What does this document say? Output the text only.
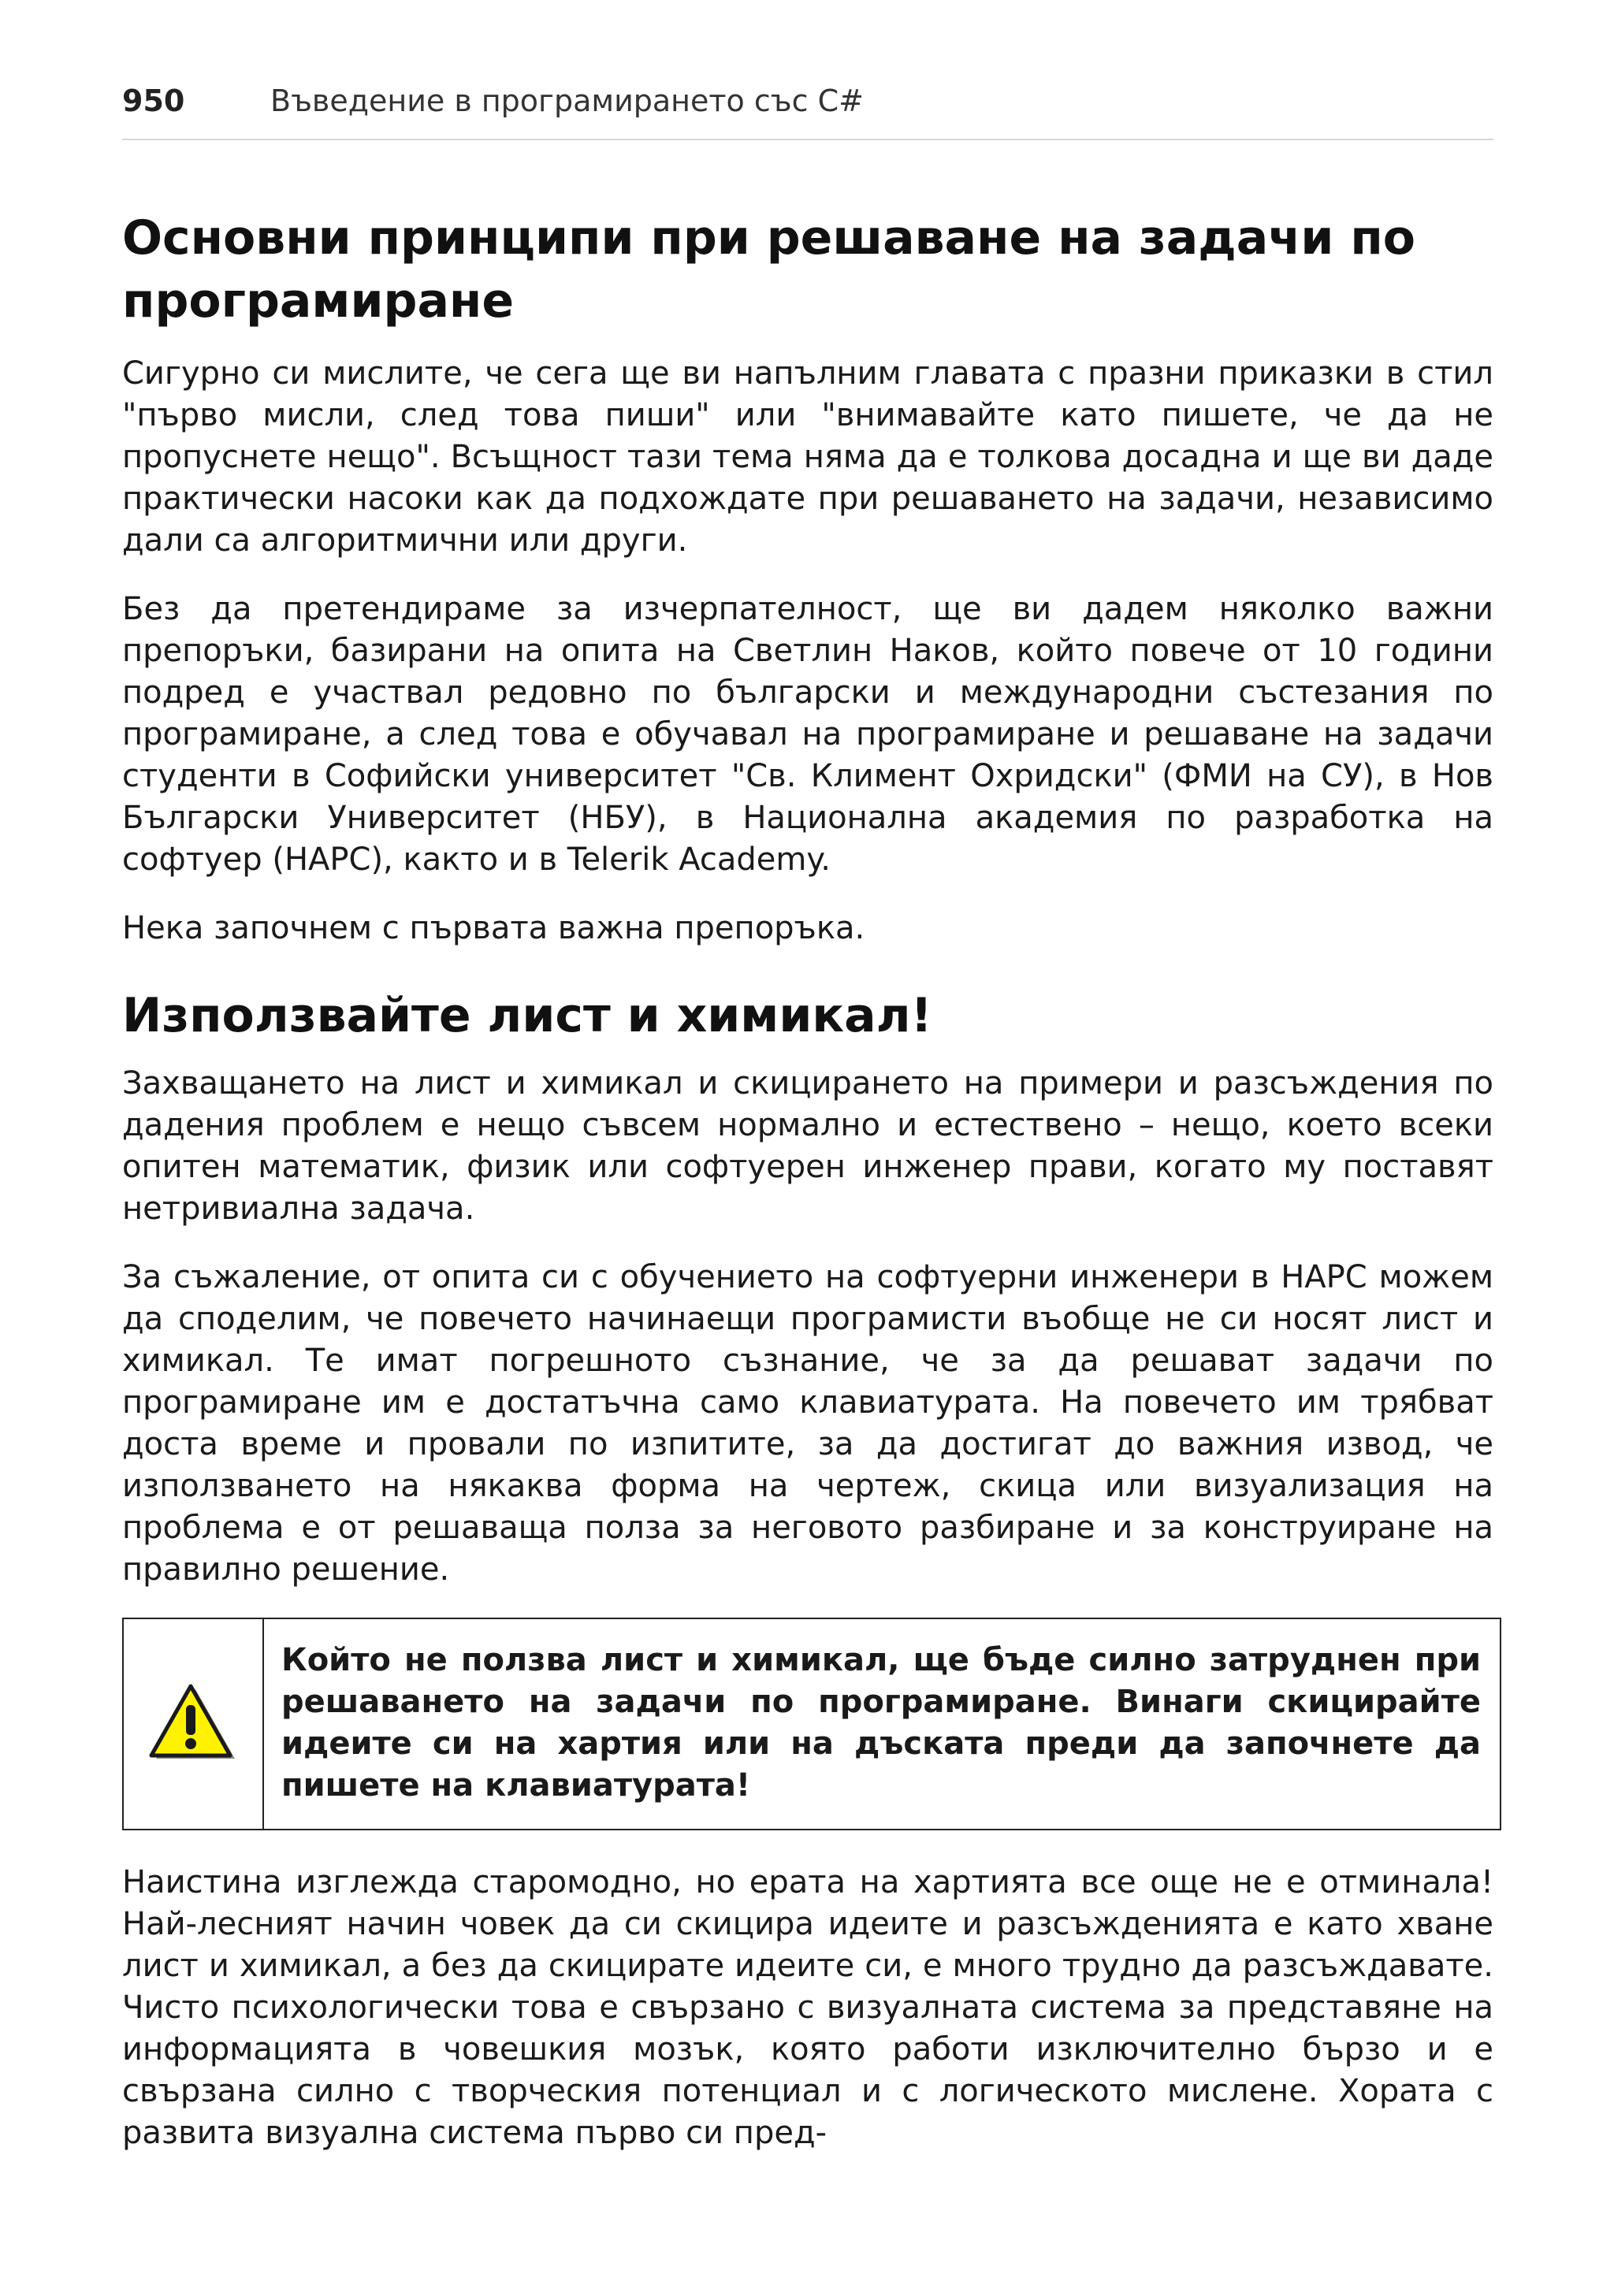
950	Въведение в програмирането със C#
Основни принципи при решаване на задачи по програмиране

Сигурно си мислите, че сега ще ви напълним главата с празни приказки в стил "първо мисли, след това пиши" или "внимавайте като пишете, че да не пропуснете нещо". Всъщност тази тема няма да е толкова досадна и ще ви даде практически насоки как да подхождате при решаването на задачи, независимо дали са алгоритмични или други.

Без да претендираме за изчерпателност, ще ви дадем няколко важни препоръки, базирани на опита на Светлин Наков, който повече от 10 години подред е участвал редовно по български и международни състезания по програмиране, а след това е обучавал на програмиране и решаване на задачи студенти в Софийски университет "Св. Климент Охридски" (ФМИ на СУ), в Нов Български Университет (НБУ), в Национална академия по разработка на софтуер (НАРС), както и в Telerik Academy.

Нека започнем с първата важна препоръка.

Използвайте лист и химикал!

Захващането на лист и химикал и скицирането на примери и разсъждения по дадения проблем е нещо съвсем нормално и естествено – нещо, което всеки опитен математик, физик или софтуерен инженер прави, когато му поставят нетривиална задача.

За съжаление, от опита си с обучението на софтуерни инженери в НАРС можем да споделим, че повечето начинаещи програмисти въобще не си носят лист и химикал. Те имат погрешното съзнание, че за да решават задачи по програмиране им е достатъчна само клавиатурата. На повечето им трябват доста време и провали по изпитите, за да достигат до важния извод, че използването на някаква форма на чертеж, скица или визуализация на проблема е от решаваща полза за неговото разбиране и за конструиране на правилно решение.

Който не ползва лист и химикал, ще бъде силно затруднен при решаването на задачи по програмиране. Винаги скицирайте идеите си на хартия или на дъската преди да започнете да пишете на клавиатурата!

Наистина изглежда старомодно, но ерата на хартията все още не е отминала! Най-лесният начин човек да си скицира идеите и разсъжденията е като хване лист и химикал, а без да скицирате идеите си, е много трудно да разсъждавате. Чисто психологически това е свързано с визуалната система за представяне на информацията в човешкия мозък, която работи изключително бързо и е свързана силно с творческия потенциал и с логическото мислене. Хората с развита визуална система първо си пред-
